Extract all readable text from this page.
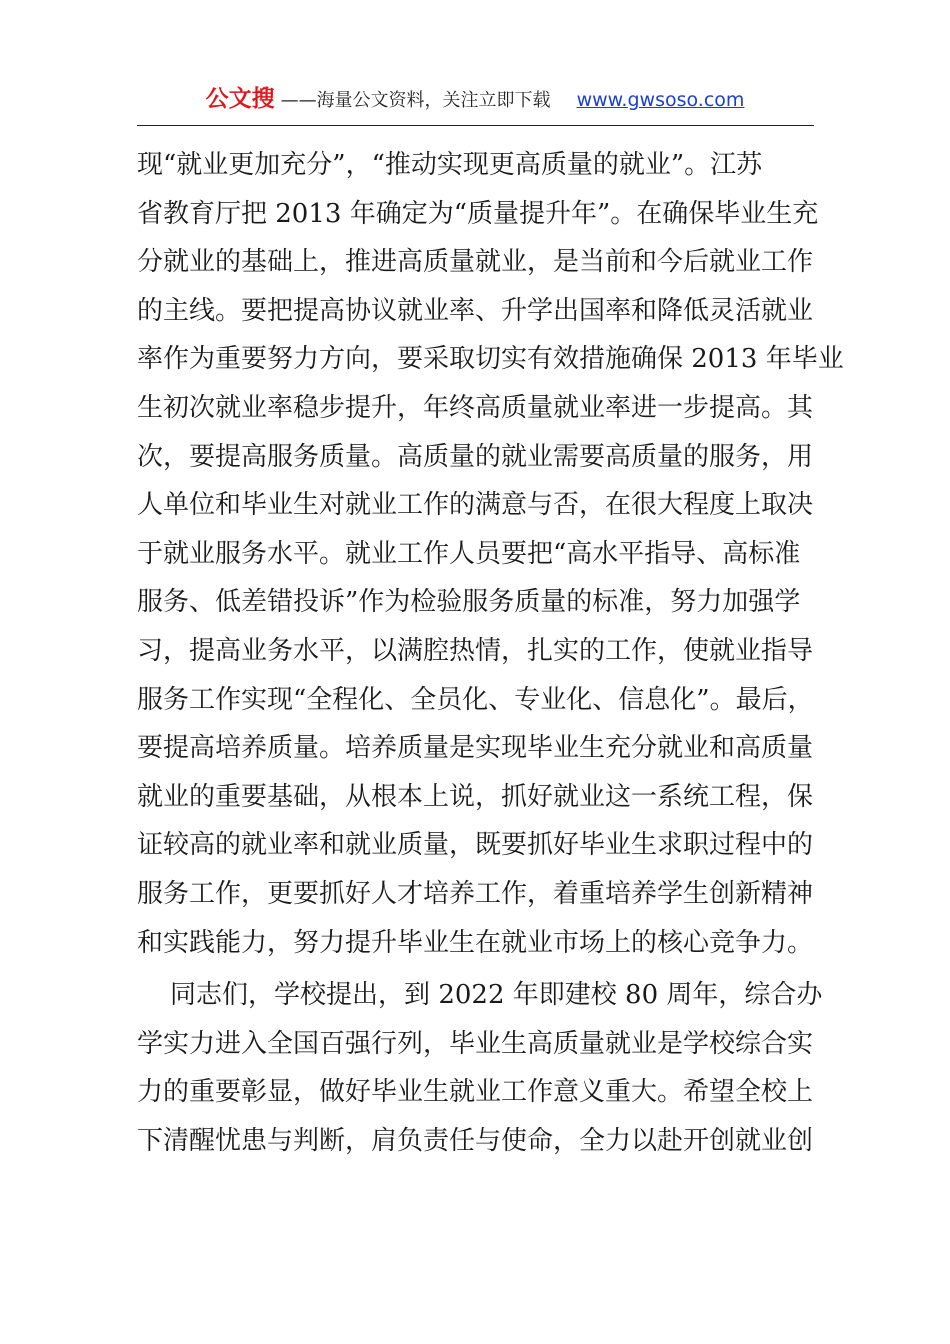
公文搜 ——海量公文资料，关注立即下载 www.gwsoso.com
现“就业更加充分”，“推动实现更高质量的就业”。江苏
省教育厅把 2013 年确定为“质量提升年”。在确保毕业生充
分就业的基础上，推进高质量就业，是当前和今后就业工作
的主线。要把提高协议就业率、升学出国率和降低灵活就业
率作为重要努力方向，要采取切实有效措施确保 2013 年毕业
生初次就业率稳步提升，年终高质量就业率进一步提高。其
次，要提高服务质量。高质量的就业需要高质量的服务，用
人单位和毕业生对就业工作的满意与否，在很大程度上取决
于就业服务水平。就业工作人员要把“高水平指导、高标准
服务、低差错投诉”作为检验服务质量的标准，努力加强学
习，提高业务水平，以满腔热情，扎实的工作，使就业指导
服务工作实现“全程化、全员化、专业化、信息化”。最后，
要提高培养质量。培养质量是实现毕业生充分就业和高质量
就业的重要基础，从根本上说，抓好就业这一系统工程，保
证较高的就业率和就业质量，既要抓好毕业生求职过程中的
服务工作，更要抓好人才培养工作，着重培养学生创新精神
和实践能力，努力提升毕业生在就业市场上的核心竞争力。
同志们，学校提出，到 2022 年即建校 80 周年，综合办
学实力进入全国百强行列，毕业生高质量就业是学校综合实
力的重要彰显，做好毕业生就业工作意义重大。希望全校上
下清醒忧患与判断，肩负责任与使命，全力以赴开创就业创
